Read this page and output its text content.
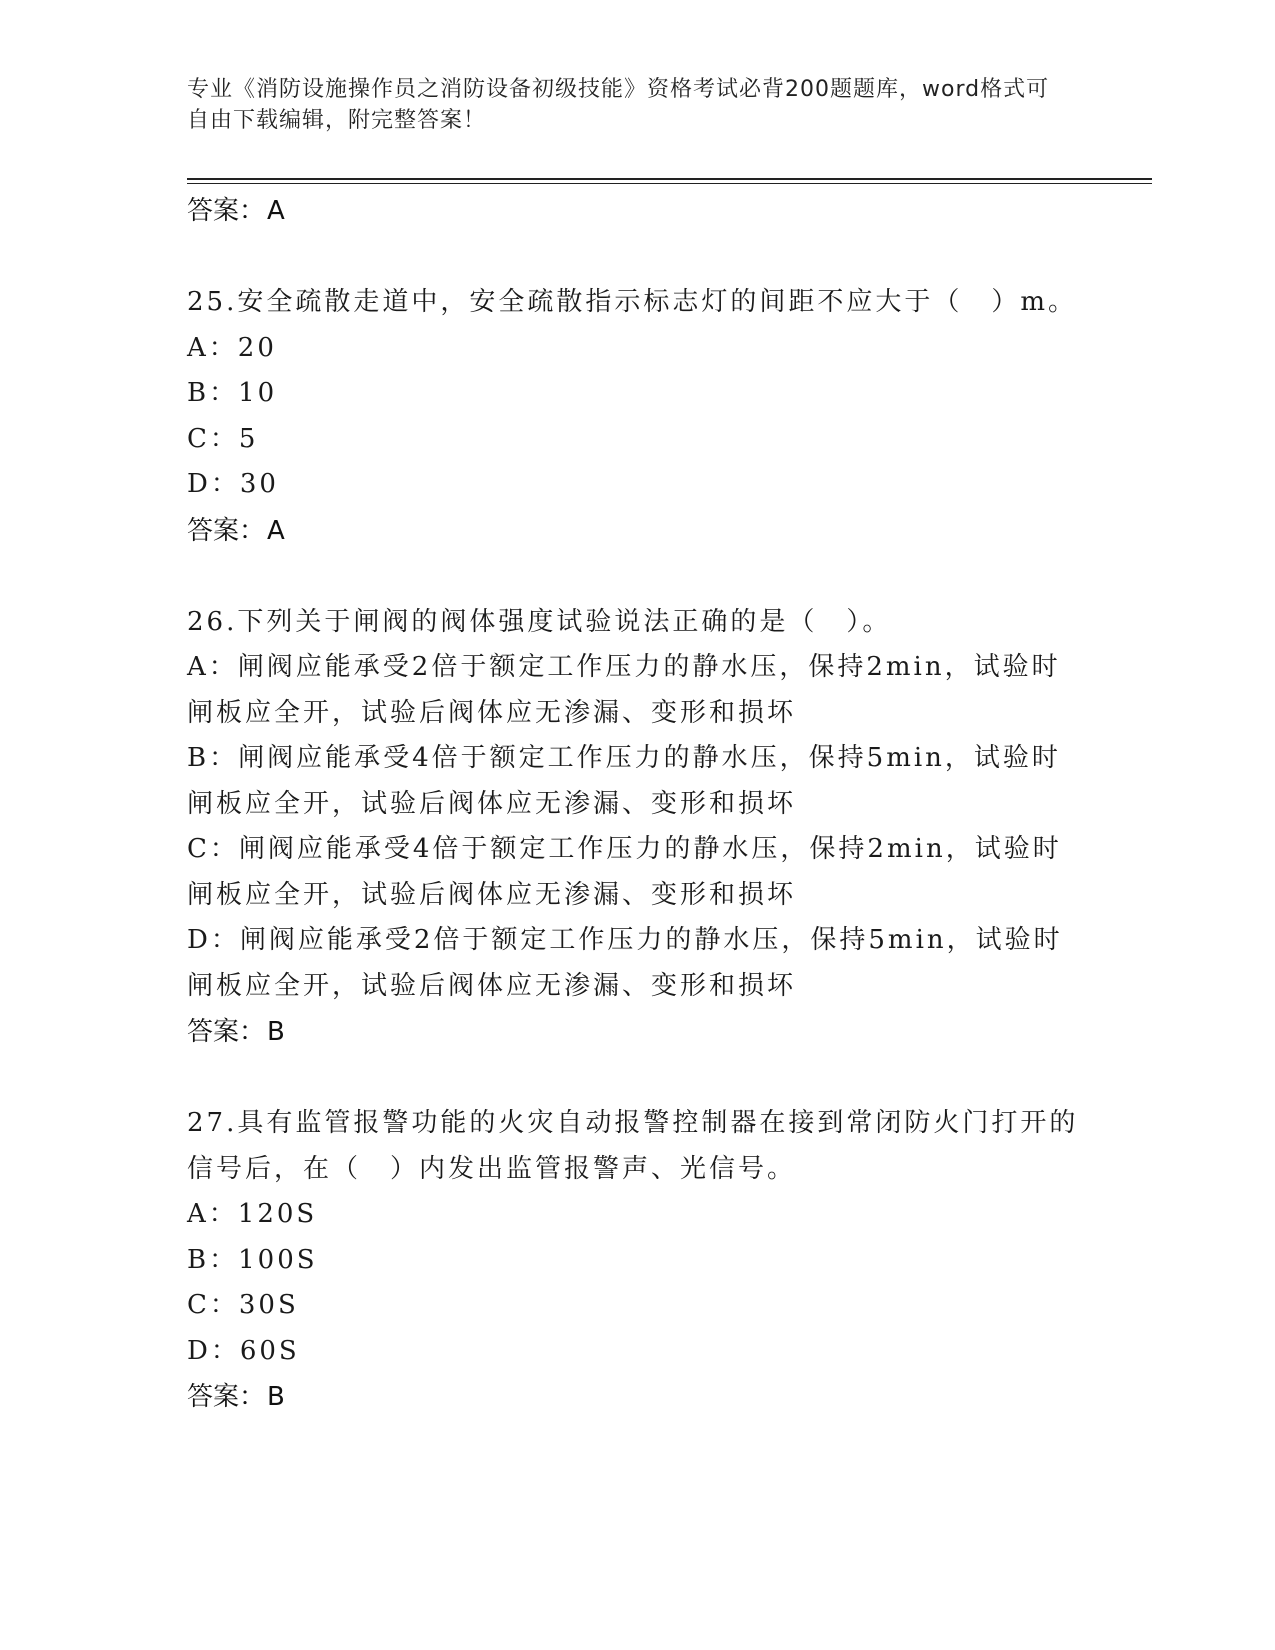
专业《消防设施操作员之消防设备初级技能》资格考试必背200题题库，word格式可自由下载编辑，附完整答案！
答案：A
25.安全疏散走道中，安全疏散指示标志灯的间距不应大于（　）m。
A：20
B：10
C：5
D：30
答案：A
26.下列关于闸阀的阀体强度试验说法正确的是（　）。
A：闸阀应能承受2倍于额定工作压力的静水压，保持2min，试验时闸板应全开，试验后阀体应无渗漏、变形和损坏
B：闸阀应能承受4倍于额定工作压力的静水压，保持5min，试验时闸板应全开，试验后阀体应无渗漏、变形和损坏
C：闸阀应能承受4倍于额定工作压力的静水压，保持2min，试验时闸板应全开，试验后阀体应无渗漏、变形和损坏
D：闸阀应能承受2倍于额定工作压力的静水压，保持5min，试验时闸板应全开，试验后阀体应无渗漏、变形和损坏
答案：B
27.具有监管报警功能的火灾自动报警控制器在接到常闭防火门打开的信号后，在（　）内发出监管报警声、光信号。
A：120S
B：100S
C：30S
D：60S
答案：B
